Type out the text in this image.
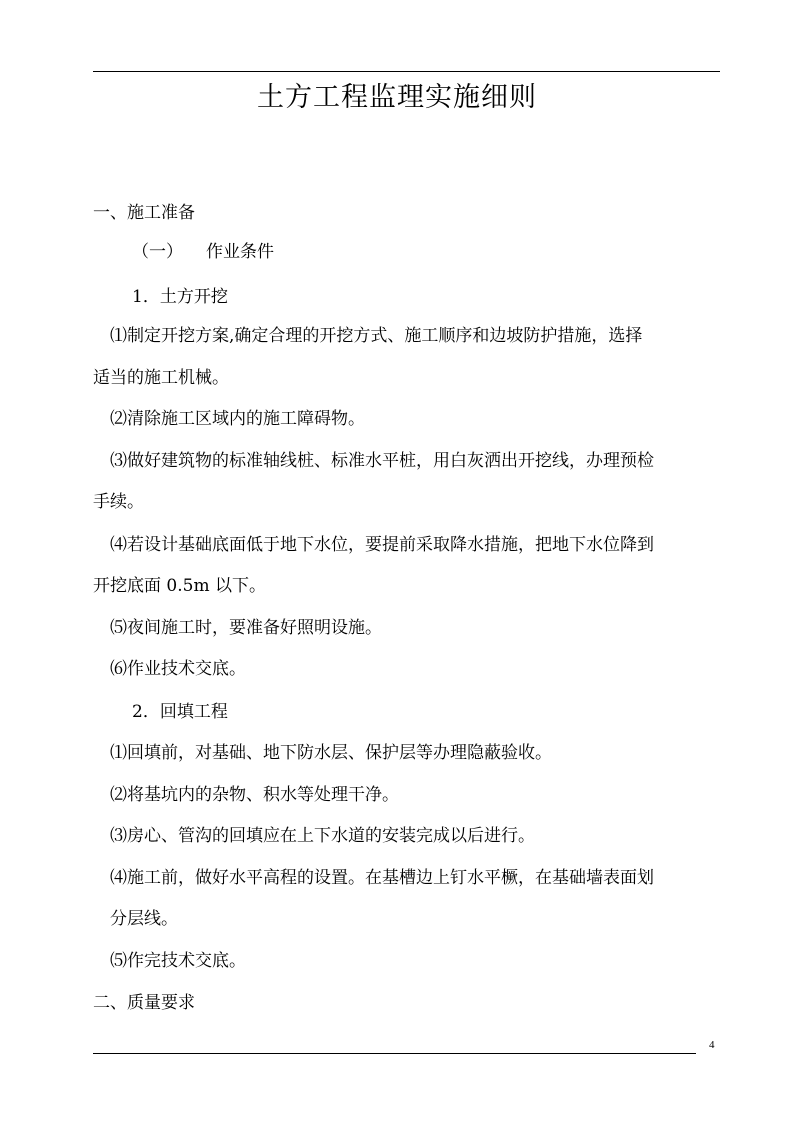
土方工程监理实施细则
一、施工准备
（一） 作业条件
1．土方开挖
⑴制定开挖方案,确定合理的开挖方式、施工顺序和边坡防护措施，选择
适当的施工机械。
⑵清除施工区域内的施工障碍物。
⑶做好建筑物的标准轴线桩、标准水平桩，用白灰洒出开挖线，办理预检
手续。
⑷若设计基础底面低于地下水位，要提前采取降水措施，把地下水位降到
开挖底面 0.5m 以下。
⑸夜间施工时，要准备好照明设施。
⑹作业技术交底。
2．回填工程
⑴回填前，对基础、地下防水层、保护层等办理隐蔽验收。
⑵将基坑内的杂物、积水等处理干净。
⑶房心、管沟的回填应在上下水道的安装完成以后进行。
⑷施工前，做好水平高程的设置。在基槽边上钉水平橛，在基础墙表面划
分层线。
⑸作完技术交底。
二、质量要求
4
